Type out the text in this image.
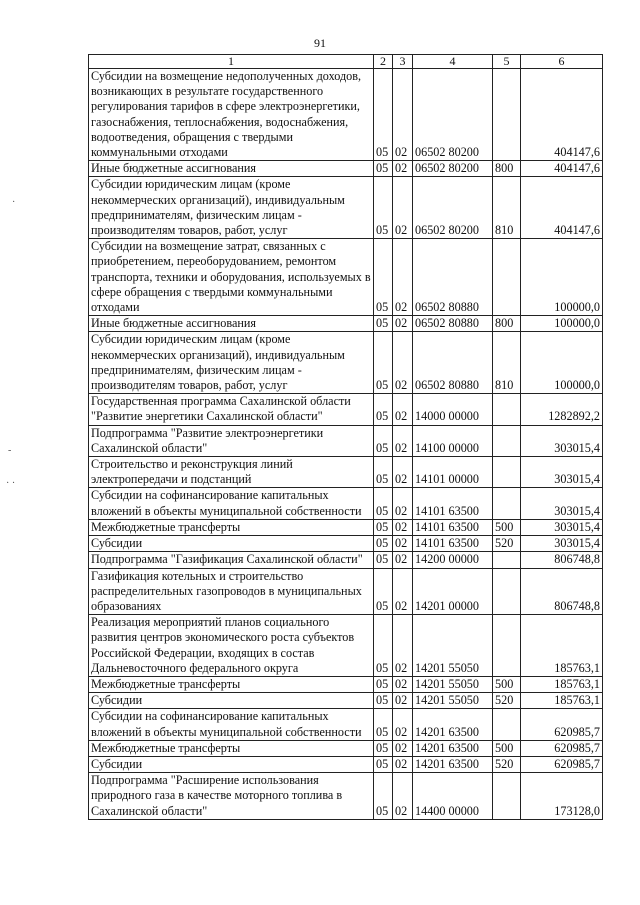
91
·
-
· ·
1	2	3	4	5	6
Субсидии на возмещение недополученных доходов, возникающих в результате государственного регулирования тарифов в сфере электроэнергетики, газоснабжения, теплоснабжения, водоснабжения, водоотведения, обращения с твердыми коммунальными отходами	05	02	06502 80200		404147,6
Иные бюджетные ассигнования	05	02	06502 80200	800	404147,6
Субсидии юридическим лицам (кроме некоммерческих организаций), индивидуальным предпринимателям, физическим лицам - производителям товаров, работ, услуг	05	02	06502 80200	810	404147,6
Субсидии на возмещение затрат, связанных с приобретением, переоборудованием, ремонтом транспорта, техники и оборудования, используемых в сфере обращения с твердыми коммунальными отходами	05	02	06502 80880		100000,0
Иные бюджетные ассигнования	05	02	06502 80880	800	100000,0
Субсидии юридическим лицам (кроме некоммерческих организаций), индивидуальным предпринимателям, физическим лицам - производителям товаров, работ, услуг	05	02	06502 80880	810	100000,0
Государственная программа Сахалинской области "Развитие энергетики Сахалинской области"	05	02	14000 00000		1282892,2
Подпрограмма "Развитие электроэнергетики Сахалинской области"	05	02	14100 00000		303015,4
Строительство и реконструкция линий электропередачи и подстанций	05	02	14101 00000		303015,4
Субсидии на софинансирование капитальных вложений в объекты муниципальной собственности	05	02	14101 63500		303015,4
Межбюджетные трансферты	05	02	14101 63500	500	303015,4
Субсидии	05	02	14101 63500	520	303015,4
Подпрограмма "Газификация Сахалинской области"	05	02	14200 00000		806748,8
Газификация котельных и строительство распределительных газопроводов в муниципальных образованиях	05	02	14201 00000		806748,8
Реализация мероприятий планов социального развития центров экономического роста субъектов Российской Федерации, входящих в состав Дальневосточного федерального округа	05	02	14201 55050		185763,1
Межбюджетные трансферты	05	02	14201 55050	500	185763,1
Субсидии	05	02	14201 55050	520	185763,1
Субсидии на софинансирование капитальных вложений в объекты муниципальной собственности	05	02	14201 63500		620985,7
Межбюджетные трансферты	05	02	14201 63500	500	620985,7
Субсидии	05	02	14201 63500	520	620985,7
Подпрограмма "Расширение использования природного газа в качестве моторного топлива в Сахалинской области"	05	02	14400 00000		173128,0
